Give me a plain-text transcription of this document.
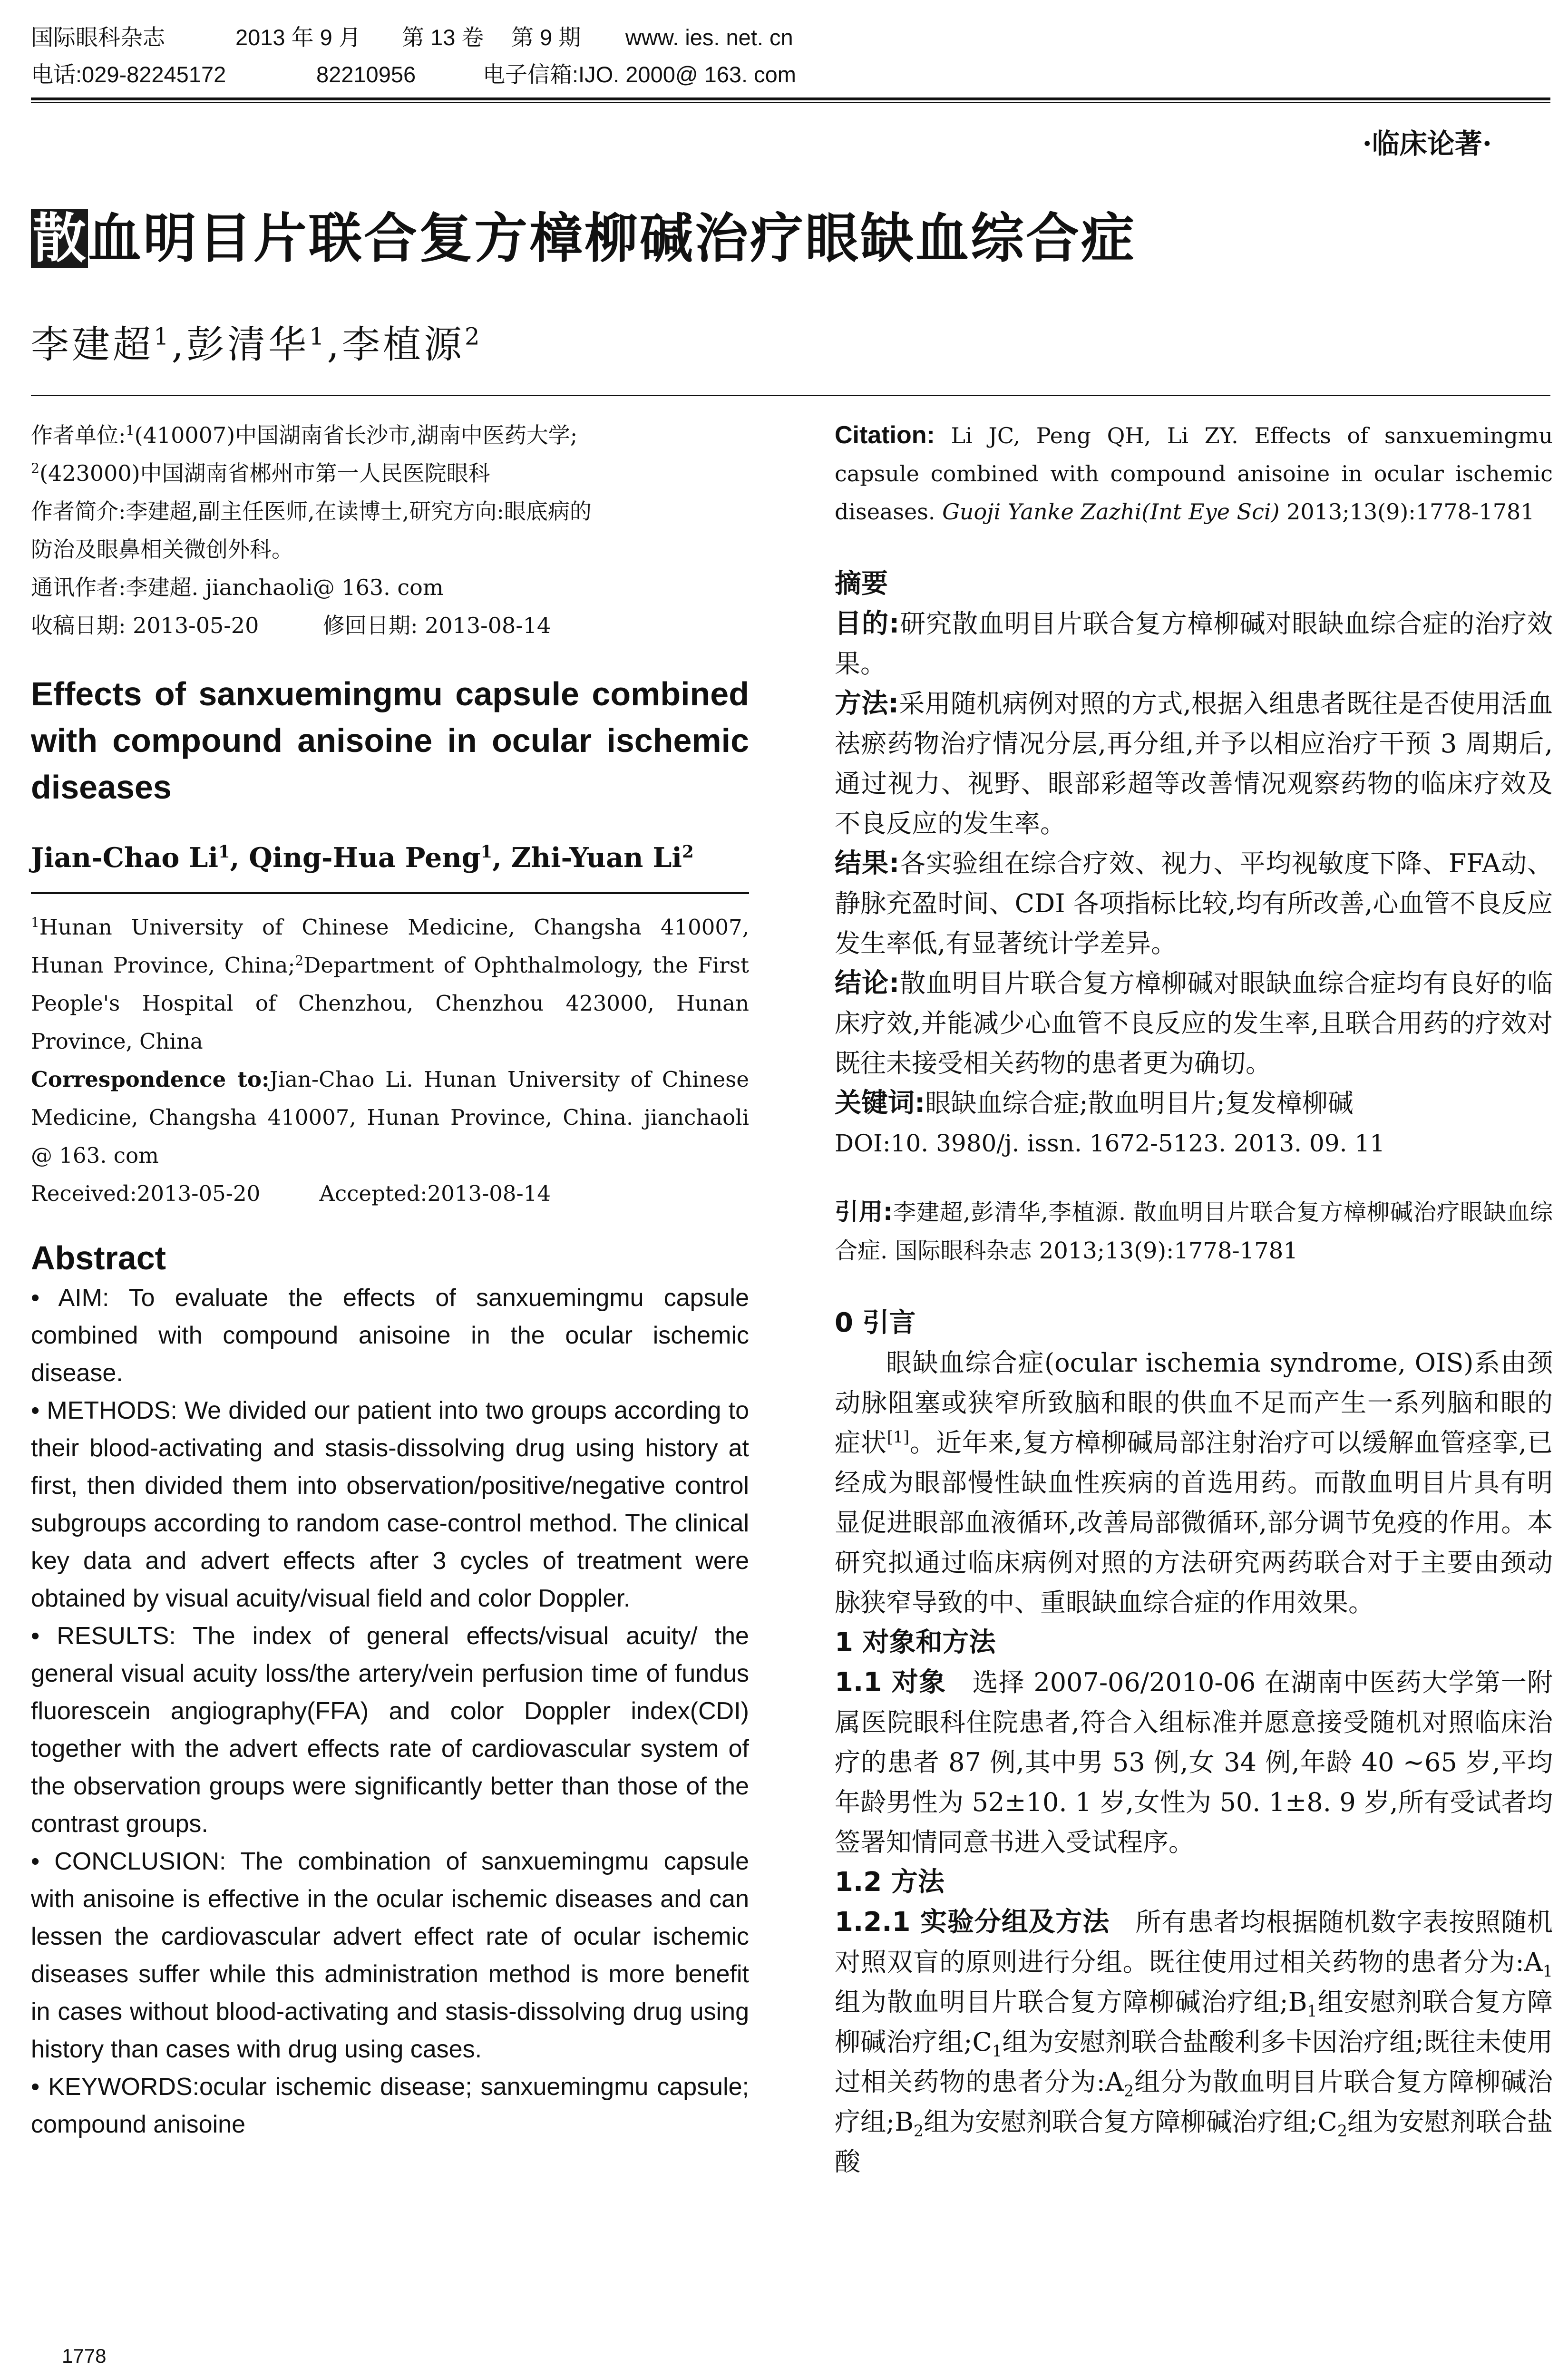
国际眼科杂志	2013 年 9 月	第 13 卷	第 9 期	www. ies. net. cn
电话:029-82245172	82210956	电子信箱:IJO. 2000@ 163. com
·临床论著·
散 血明目片联合复方樟柳碱治疗眼缺血综合症
李建超$^1$,彭清华$^1$,李植源$^2$
作者单位:$^1$(410007)中国湖南省长沙市,湖南中医药大学;
$^2$(423000)中国湖南省郴州市第一人民医院眼科
作者简介:李建超,副主任医师,在读博士,研究方向:眼底病的
防治及眼鼻相关微创外科。
通讯作者:李建超. jianchaoli@ 163. com
收稿日期: 2013-05-20	修回日期: 2013-08-14
Effects of sanxuemingmu capsule combined with compound anisoine in ocular ischemic diseases
Jian-Chao Li$^1$, Qing-Hua Peng$^1$, Zhi-Yuan Li$^2$
$^1$Hunan University of Chinese Medicine, Changsha 410007, Hunan Province, China;$^2$Department of Ophthalmology, the First People's Hospital of Chenzhou, Chenzhou 423000, Hunan Province, China
Correspondence to:Jian-Chao Li. Hunan University of Chinese Medicine, Changsha 410007, Hunan Province, China. jianchaoli @ 163. com
Received:2013-05-20	Accepted:2013-08-14
Abstract
• AIM: To evaluate the effects of sanxuemingmu capsule combined with compound anisoine in the ocular ischemic disease.
• METHODS: We divided our patient into two groups according to their blood-activating and stasis-dissolving drug using history at first, then divided them into observation/positive/negative control subgroups according to random case-control method. The clinical key data and advert effects after 3 cycles of treatment were obtained by visual acuity/visual field and color Doppler.
• RESULTS: The index of general effects/visual acuity/ the general visual acuity loss/the artery/vein perfusion time of fundus fluorescein angiography(FFA) and color Doppler index(CDI) together with the advert effects rate of cardiovascular system of the observation groups were significantly better than those of the contrast groups.
• CONCLUSION: The combination of sanxuemingmu capsule with anisoine is effective in the ocular ischemic diseases and can lessen the cardiovascular advert effect rate of ocular ischemic diseases suffer while this administration method is more benefit in cases without blood-activating and stasis-dissolving drug using history than cases with drug using cases.
• KEYWORDS:ocular ischemic disease; sanxuemingmu capsule; compound anisoine
Citation: Li JC, Peng QH, Li ZY. Effects of sanxuemingmu capsule combined with compound anisoine in ocular ischemic diseases. Guoji Yanke Zazhi(Int Eye Sci) 2013;13(9):1778-1781
摘要
目的:研究散血明目片联合复方樟柳碱对眼缺血综合症的治疗效果。
方法:采用随机病例对照的方式,根据入组患者既往是否使用活血祛瘀药物治疗情况分层,再分组,并予以相应治疗干预 3 周期后,通过视力、视野、眼部彩超等改善情况观察药物的临床疗效及不良反应的发生率。
结果:各实验组在综合疗效、视力、平均视敏度下降、FFA动、静脉充盈时间、CDI 各项指标比较,均有所改善,心血管不良反应发生率低,有显著统计学差异。
结论:散血明目片联合复方樟柳碱对眼缺血综合症均有良好的临床疗效,并能减少心血管不良反应的发生率,且联合用药的疗效对既往未接受相关药物的患者更为确切。
关键词:眼缺血综合症;散血明目片;复发樟柳碱
DOI:10. 3980/j. issn. 1672-5123. 2013. 09. 11
引用:李建超,彭清华,李植源. 散血明目片联合复方樟柳碱治疗眼缺血综合症. 国际眼科杂志 2013;13(9):1778-1781
0 引言
眼缺血综合症(ocular ischemia syndrome, OIS)系由颈动脉阻塞或狭窄所致脑和眼的供血不足而产生一系列脑和眼的症状[1]。近年来,复方樟柳碱局部注射治疗可以缓解血管痉挛,已经成为眼部慢性缺血性疾病的首选用药。而散血明目片具有明显促进眼部血液循环,改善局部微循环,部分调节免疫的作用。本研究拟通过临床病例对照的方法研究两药联合对于主要由颈动脉狭窄导致的中、重眼缺血综合症的作用效果。
1 对象和方法
1.1 对象 选择 2007-06/2010-06 在湖南中医药大学第一附属医院眼科住院患者,符合入组标准并愿意接受随机对照临床治疗的患者 87 例,其中男 53 例,女 34 例,年龄 40 ~65 岁,平均年龄男性为 52±10. 1 岁,女性为 50. 1±8. 9 岁,所有受试者均签署知情同意书进入受试程序。
1.2 方法
1.2.1 实验分组及方法 所有患者均根据随机数字表按照随机对照双盲的原则进行分组。既往使用过相关药物的患者分为$:A_1$组为散血明目片联合复方障柳碱治疗组$;B_1$组安慰剂联合复方障柳碱治疗组$;C_1$组为安慰剂联合盐酸利多卡因治疗组;既往未使用过相关药物的患者分为$:A_2$组分为散血明目片联合复方障柳碱治疗组$;B_2$组为安慰剂联合复方障柳碱治疗组$;C_2$组为安慰剂联合盐酸
1778
